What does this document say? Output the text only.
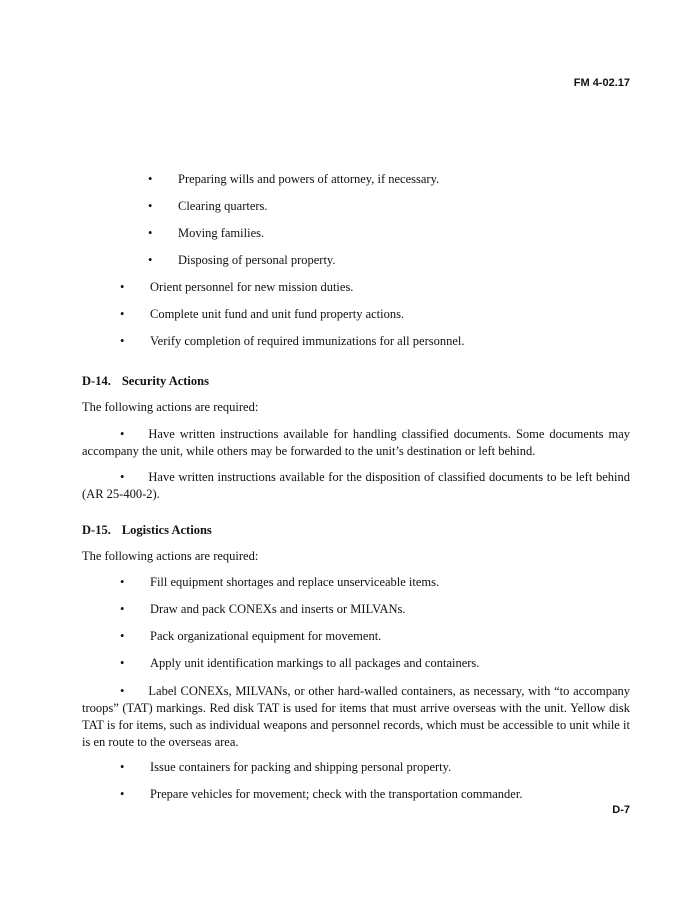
FM 4-02.17
•	Preparing wills and powers of attorney, if necessary.
•	Clearing quarters.
•	Moving families.
•	Disposing of personal property.
•	Orient personnel for new mission duties.
•	Complete unit fund and unit fund property actions.
•	Verify completion of required immunizations for all personnel.
D-14. Security Actions

The following actions are required:

• Have written instructions available for handling classified documents. Some documents may accompany the unit, while others may be forwarded to the unit’s destination or left behind.

• Have written instructions available for the disposition of classified documents to be left behind (AR 25-400-2).

D-15. Logistics Actions

The following actions are required:

•	Fill equipment shortages and replace unserviceable items.
•	Draw and pack CONEXs and inserts or MILVANs.
•	Pack organizational equipment for movement.
•	Apply unit identification markings to all packages and containers.

• Label CONEXs, MILVANs, or other hard-walled containers, as necessary, with “to accompany troops” (TAT) markings. Red disk TAT is used for items that must arrive overseas with the unit. Yellow disk TAT is for items, such as individual weapons and personnel records, which must be accessible to unit while it is en route to the overseas area.

•	Issue containers for packing and shipping personal property.
•	Prepare vehicles for movement; check with the transportation commander.
D-7
